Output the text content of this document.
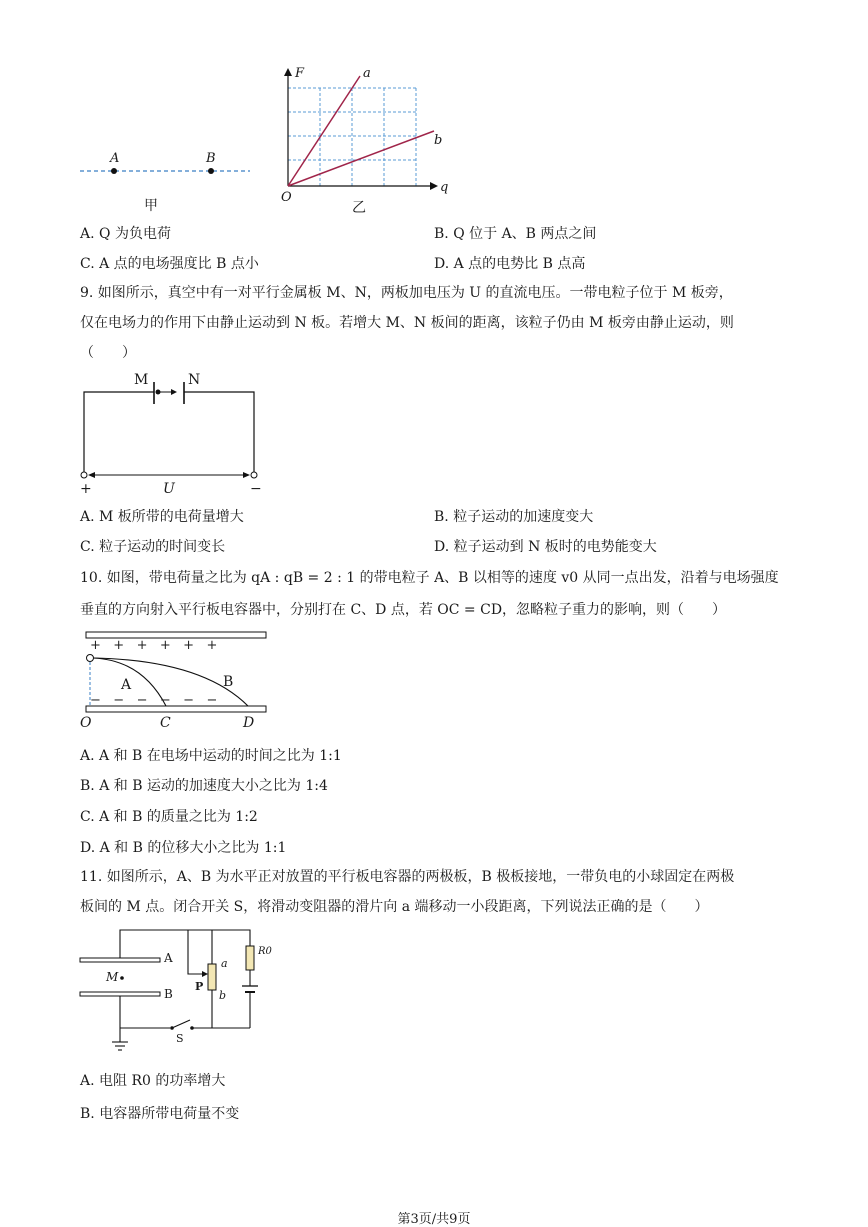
A	B
甲
F
q
O
a
b
乙
A. Q 为负电荷	B. Q 位于 A、B 两点之间
C. A 点的电场强度比 B 点小	D. A 点的电势比 B 点高
9. 如图所示，真空中有一对平行金属板 M、N，两板加电压为 U 的直流电压。一带电粒子位于 M 板旁，
仅在电场力的作用下由静止运动到 N 板。若增大 M、N 板间的距离，该粒子仍由 M 板旁由静止运动，则
（　　）
M	N
+	−
U
A. M 板所带的电荷量增大	B. 粒子运动的加速度变大
C. 粒子运动的时间变长	D. 粒子运动到 N 板时的电势能变大
10. 如图，带电荷量之比为 qA : qB = 2 : 1 的带电粒子 A、B 以相等的速度 v0 从同一点出发，沿着与电场强度
垂直的方向射入平行板电容器中，分别打在 C、D 点，若 OC = CD，忽略粒子重力的影响，则（　　）
+   +   +   +   +   +
−   −   −   −   −   −
A	B
O	C	D
A. A 和 B 在电场中运动的时间之比为 1:1
B. A 和 B 运动的加速度大小之比为 1:4
C. A 和 B 的质量之比为 1:2
D. A 和 B 的位移大小之比为 1:1
11. 如图所示，A、B 为水平正对放置的平行板电容器的两极板，B 极板接地，一带负电的小球固定在两极
板间的 M 点。闭合开关 S，将滑动变阻器的滑片向 a 端移动一小段距离，下列说法正确的是（　　）
A
B
M
P
a
b
R0
S
A. 电阻 R0 的功率增大
B. 电容器所带电荷量不变
第3页/共9页
